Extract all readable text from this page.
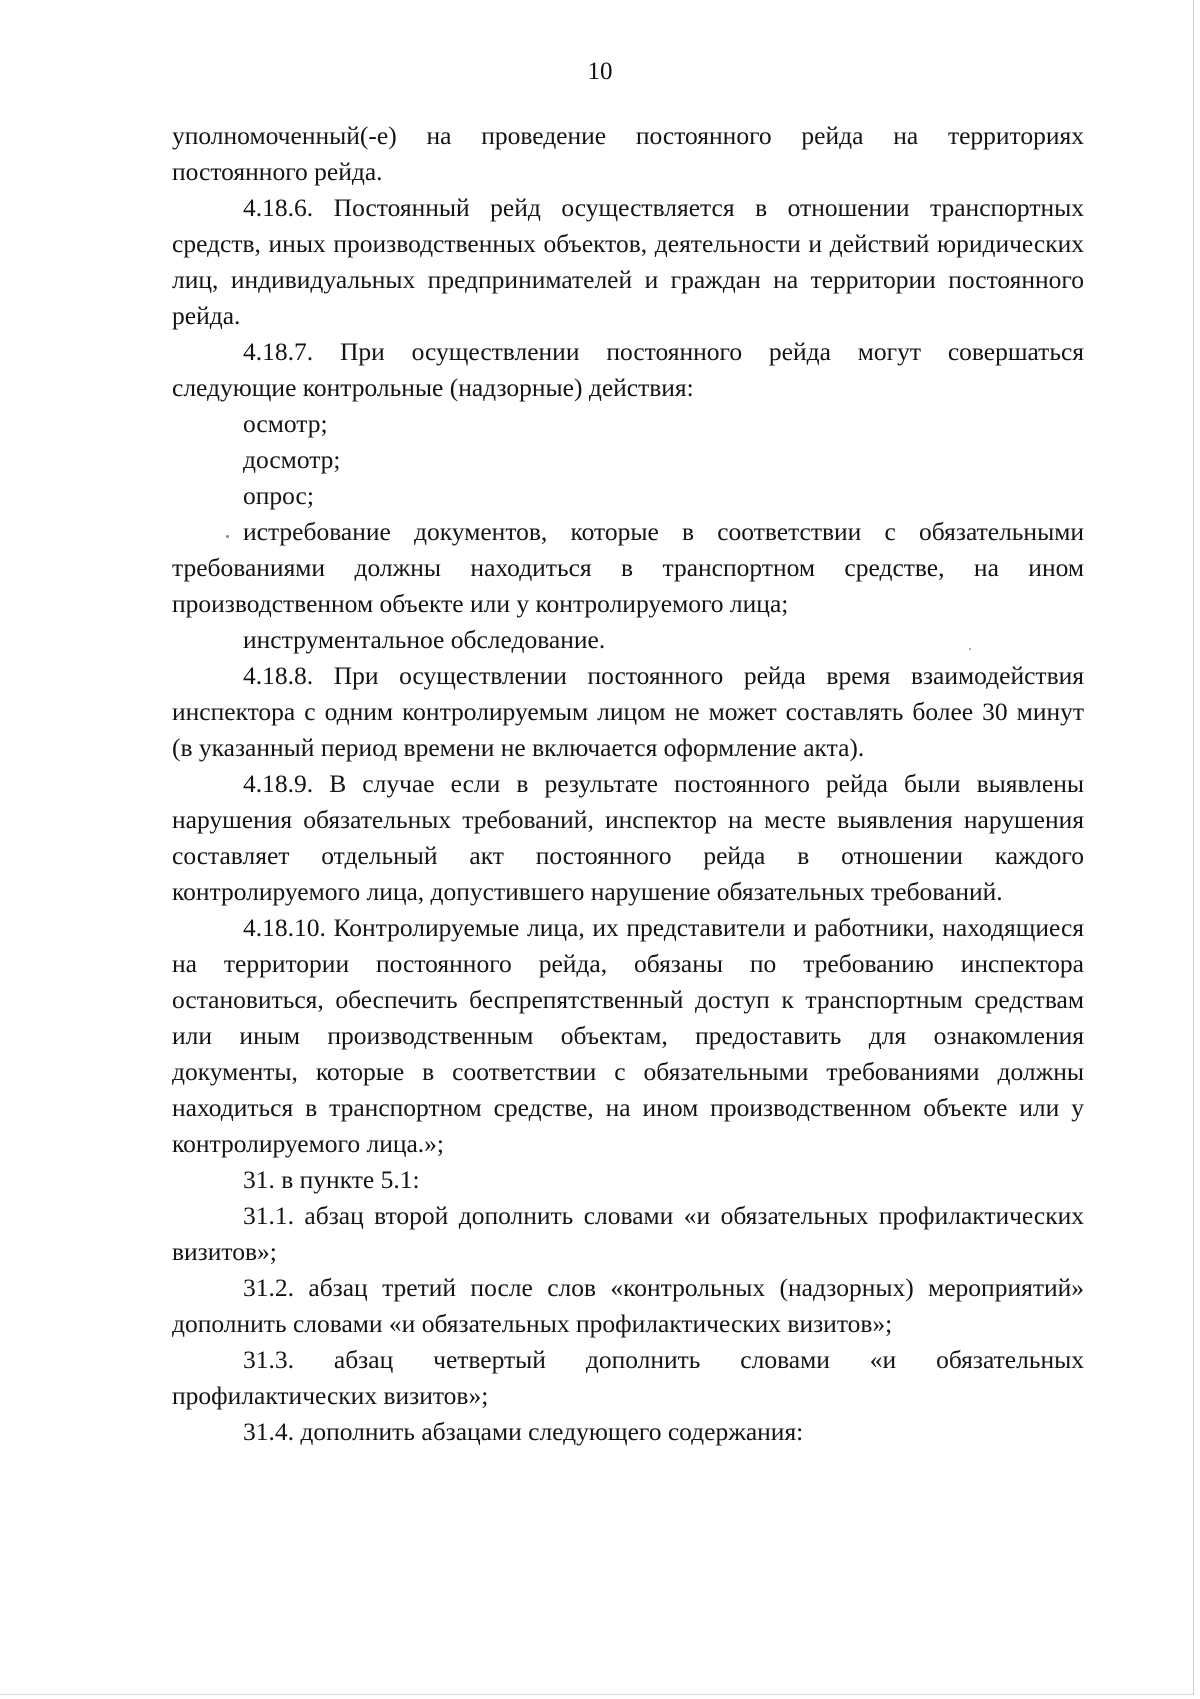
10

уполномоченный(-е) на проведение постоянного рейда на территориях постоянного рейда.

4.18.6. Постоянный рейд осуществляется в отношении транспортных средств, иных производственных объектов, деятельности и действий юридических лиц, индивидуальных предпринимателей и граждан на территории постоянного рейда.

4.18.7. При осуществлении постоянного рейда могут совершаться следующие контрольные (надзорные) действия:

осмотр;

досмотр;

опрос;

истребование документов, которые в соответствии с обязательными требованиями должны находиться в транспортном средстве, на ином производственном объекте или у контролируемого лица;

инструментальное обследование.

4.18.8. При осуществлении постоянного рейда время взаимодействия инспектора с одним контролируемым лицом не может составлять более 30 минут (в указанный период времени не включается оформление акта).

4.18.9. В случае если в результате постоянного рейда были выявлены нарушения обязательных требований, инспектор на месте выявления нарушения составляет отдельный акт постоянного рейда в отношении каждого контролируемого лица, допустившего нарушение обязательных требований.

4.18.10. Контролируемые лица, их представители и работники, находящиеся на территории постоянного рейда, обязаны по требованию инспектора остановиться, обеспечить беспрепятственный доступ к транспортным средствам или иным производственным объектам, предоставить для ознакомления документы, которые в соответствии с обязательными требованиями должны находиться в транспортном средстве, на ином производственном объекте или у контролируемого лица.»;

31. в пункте 5.1:

31.1. абзац второй дополнить словами «и обязательных профилактических визитов»;

31.2. абзац третий после слов «контрольных (надзорных) мероприятий» дополнить словами «и обязательных профилактических визитов»;

31.3. абзац четвертый дополнить словами «и обязательных профилактических визитов»;

31.4. дополнить абзацами следующего содержания:
